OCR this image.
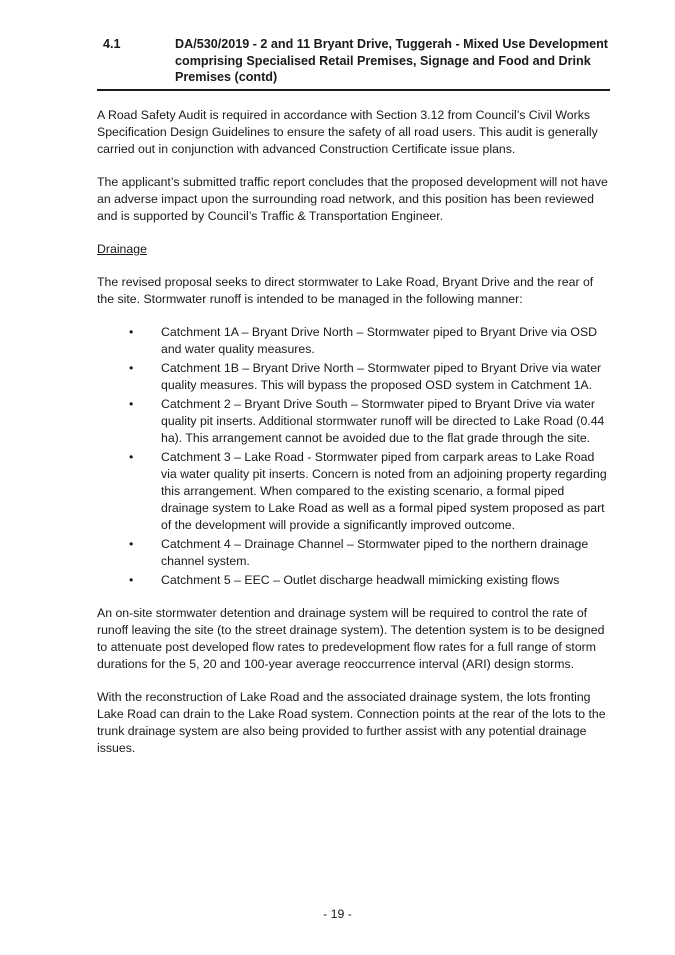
4.1	DA/530/2019 - 2 and 11 Bryant Drive, Tuggerah - Mixed Use Development comprising Specialised Retail Premises, Signage and Food and Drink Premises (contd)

A Road Safety Audit is required in accordance with Section 3.12 from Council’s Civil Works Specification Design Guidelines to ensure the safety of all road users. This audit is generally carried out in conjunction with advanced Construction Certificate issue plans.

The applicant’s submitted traffic report concludes that the proposed development will not have an adverse impact upon the surrounding road network, and this position has been reviewed and is supported by Council’s Traffic & Transportation Engineer.

Drainage

The revised proposal seeks to direct stormwater to Lake Road, Bryant Drive and the rear of the site. Stormwater runoff is intended to be managed in the following manner:

• Catchment 1A – Bryant Drive North – Stormwater piped to Bryant Drive via OSD and water quality measures.
• Catchment 1B – Bryant Drive North – Stormwater piped to Bryant Drive via water quality measures. This will bypass the proposed OSD system in Catchment 1A.
• Catchment 2 – Bryant Drive South – Stormwater piped to Bryant Drive via water quality pit inserts. Additional stormwater runoff will be directed to Lake Road (0.44 ha). This arrangement cannot be avoided due to the flat grade through the site.
• Catchment 3 – Lake Road - Stormwater piped from carpark areas to Lake Road via water quality pit inserts. Concern is noted from an adjoining property regarding this arrangement. When compared to the existing scenario, a formal piped drainage system to Lake Road as well as a formal piped system proposed as part of the development will provide a significantly improved outcome.
• Catchment 4 – Drainage Channel – Stormwater piped to the northern drainage channel system.
• Catchment 5 – EEC – Outlet discharge headwall mimicking existing flows

An on-site stormwater detention and drainage system will be required to control the rate of runoff leaving the site (to the street drainage system). The detention system is to be designed to attenuate post developed flow rates to predevelopment flow rates for a full range of storm durations for the 5, 20 and 100-year average reoccurrence interval (ARI) design storms.

With the reconstruction of Lake Road and the associated drainage system, the lots fronting Lake Road can drain to the Lake Road system. Connection points at the rear of the lots to the trunk drainage system are also being provided to further assist with any potential drainage issues.

- 19 -
